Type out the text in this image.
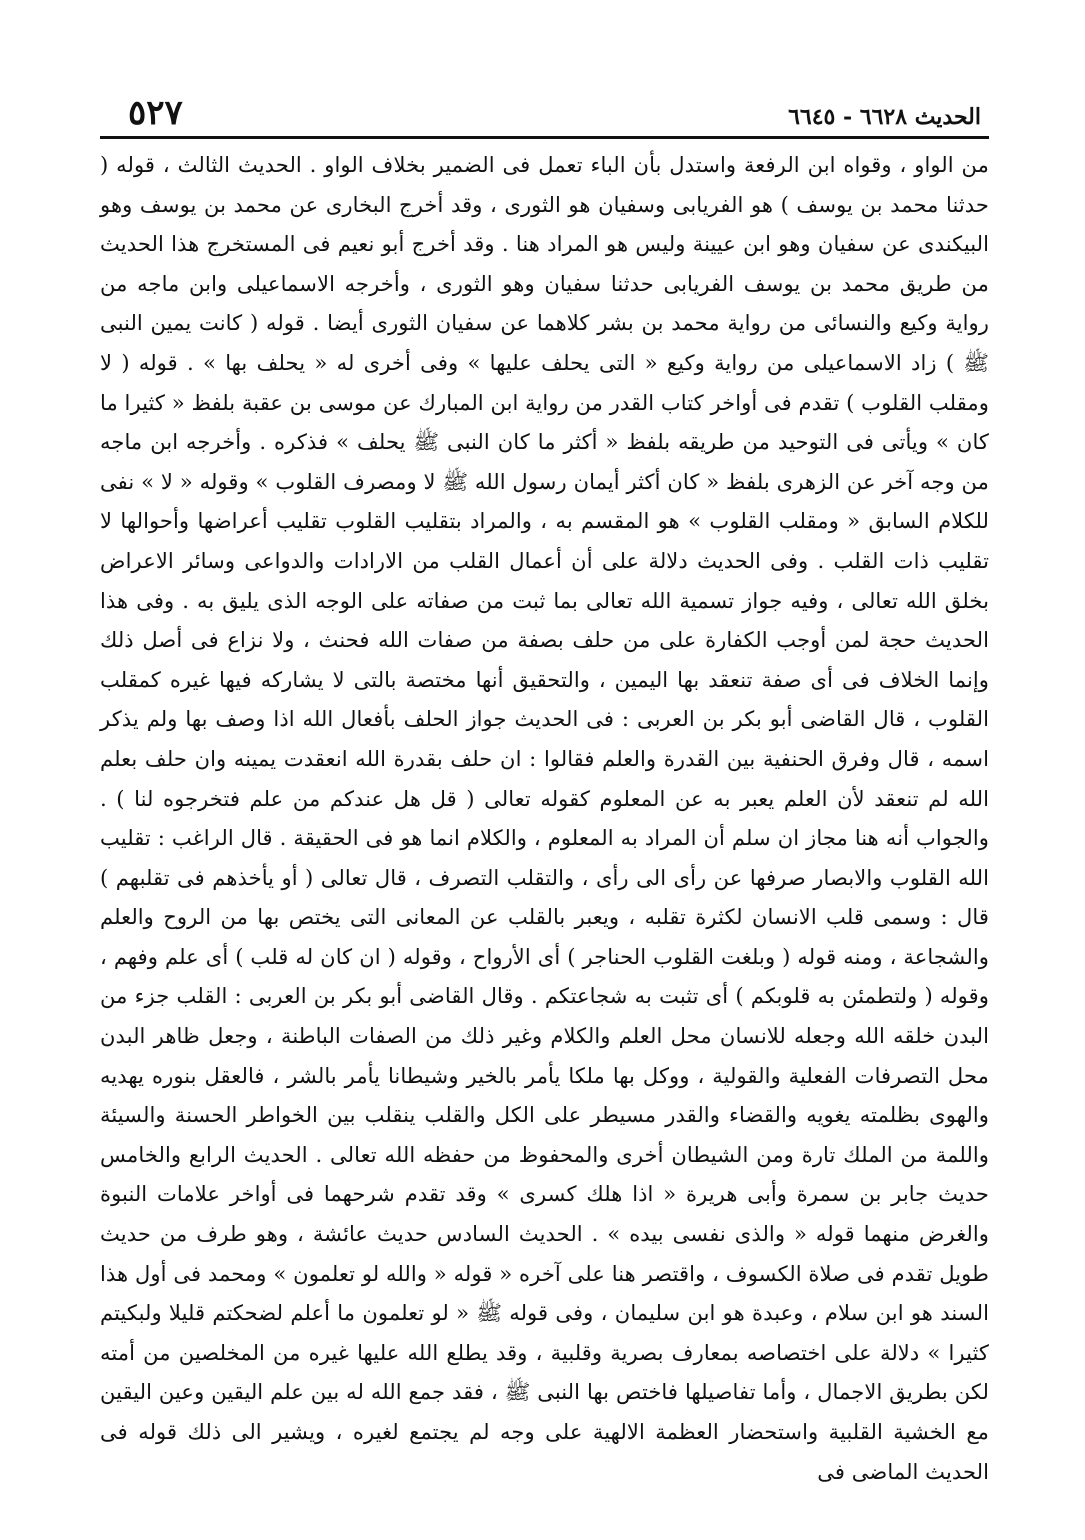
الحديث ٦٦٢٨ - ٦٦٤٥
٥٢٧

من الواو ، وقواه ابن الرفعة واستدل بأن الباء تعمل فى الضمير بخلاف الواو . الحديث الثالث ، قوله ( حدثنا محمد بن يوسف ) هو الفريابى وسفيان هو الثورى ، وقد أخرج البخارى عن محمد بن يوسف وهو البيكندى عن سفيان وهو ابن عيينة وليس هو المراد هنا . وقد أخرج أبو نعيم فى المستخرج هذا الحديث من طريق محمد بن يوسف الفريابى حدثنا سفيان وهو الثورى ، وأخرجه الاسماعيلى وابن ماجه من رواية وكيع والنسائى من رواية محمد بن بشر كلاهما عن سفيان الثورى أيضا . قوله ( كانت يمين النبى ﷺ ) زاد الاسماعيلى من رواية وكيع « التى يحلف عليها » وفى أخرى له « يحلف بها » . قوله ( لا ومقلب القلوب ) تقدم فى أواخر كتاب القدر من رواية ابن المبارك عن موسى بن عقبة بلفظ « كثيرا ما كان » ويأتى فى التوحيد من طريقه بلفظ « أكثر ما كان النبى ﷺ يحلف » فذكره . وأخرجه ابن ماجه من وجه آخر عن الزهرى بلفظ « كان أكثر أيمان رسول الله ﷺ لا ومصرف القلوب » وقوله « لا » نفى للكلام السابق « ومقلب القلوب » هو المقسم به ، والمراد بتقليب القلوب تقليب أعراضها وأحوالها لا تقليب ذات القلب . وفى الحديث دلالة على أن أعمال القلب من الارادات والدواعى وسائر الاعراض بخلق الله تعالى ، وفيه جواز تسمية الله تعالى بما ثبت من صفاته على الوجه الذى يليق به . وفى هذا الحديث حجة لمن أوجب الكفارة على من حلف بصفة من صفات الله فحنث ، ولا نزاع فى أصل ذلك وإنما الخلاف فى أى صفة تنعقد بها اليمين ، والتحقيق أنها مختصة بالتى لا يشاركه فيها غيره كمقلب القلوب ، قال القاضى أبو بكر بن العربى : فى الحديث جواز الحلف بأفعال الله اذا وصف بها ولم يذكر اسمه ، قال وفرق الحنفية بين القدرة والعلم فقالوا : ان حلف بقدرة الله انعقدت يمينه وان حلف بعلم الله لم تنعقد لأن العلم يعبر به عن المعلوم كقوله تعالى ( قل هل عندكم من علم فتخرجوه لنا ) . والجواب أنه هنا مجاز ان سلم أن المراد به المعلوم ، والكلام انما هو فى الحقيقة . قال الراغب : تقليب الله القلوب والابصار صرفها عن رأى الى رأى ، والتقلب التصرف ، قال تعالى ( أو يأخذهم فى تقلبهم ) قال : وسمى قلب الانسان لكثرة تقلبه ، ويعبر بالقلب عن المعانى التى يختص بها من الروح والعلم والشجاعة ، ومنه قوله ( وبلغت القلوب الحناجر ) أى الأرواح ، وقوله ( ان كان له قلب ) أى علم وفهم ، وقوله ( ولتطمئن به قلوبكم ) أى تثبت به شجاعتكم . وقال القاضى أبو بكر بن العربى : القلب جزء من البدن خلقه الله وجعله للانسان محل العلم والكلام وغير ذلك من الصفات الباطنة ، وجعل ظاهر البدن محل التصرفات الفعلية والقولية ، ووكل بها ملكا يأمر بالخير وشيطانا يأمر بالشر ، فالعقل بنوره يهديه والهوى بظلمته يغويه والقضاء والقدر مسيطر على الكل والقلب ينقلب بين الخواطر الحسنة والسيئة واللمة من الملك تارة ومن الشيطان أخرى والمحفوظ من حفظه الله تعالى . الحديث الرابع والخامس حديث جابر بن سمرة وأبى هريرة « اذا هلك كسرى » وقد تقدم شرحهما فى أواخر علامات النبوة والغرض منهما قوله « والذى نفسى بيده » . الحديث السادس حديث عائشة ، وهو طرف من حديث طويل تقدم فى صلاة الكسوف ، واقتصر هنا على آخره « قوله « والله لو تعلمون » ومحمد فى أول هذا السند هو ابن سلام ، وعبدة هو ابن سليمان ، وفى قوله ﷺ « لو تعلمون ما أعلم لضحكتم قليلا ولبكيتم كثيرا » دلالة على اختصاصه بمعارف بصرية وقلبية ، وقد يطلع الله عليها غيره من المخلصين من أمته لكن بطريق الاجمال ، وأما تفاصيلها فاختص بها النبى ﷺ ، فقد جمع الله له بين علم اليقين وعين اليقين مع الخشية القلبية واستحضار العظمة الالهية على وجه لم يجتمع لغيره ، ويشير الى ذلك قوله فى الحديث الماضى فى
